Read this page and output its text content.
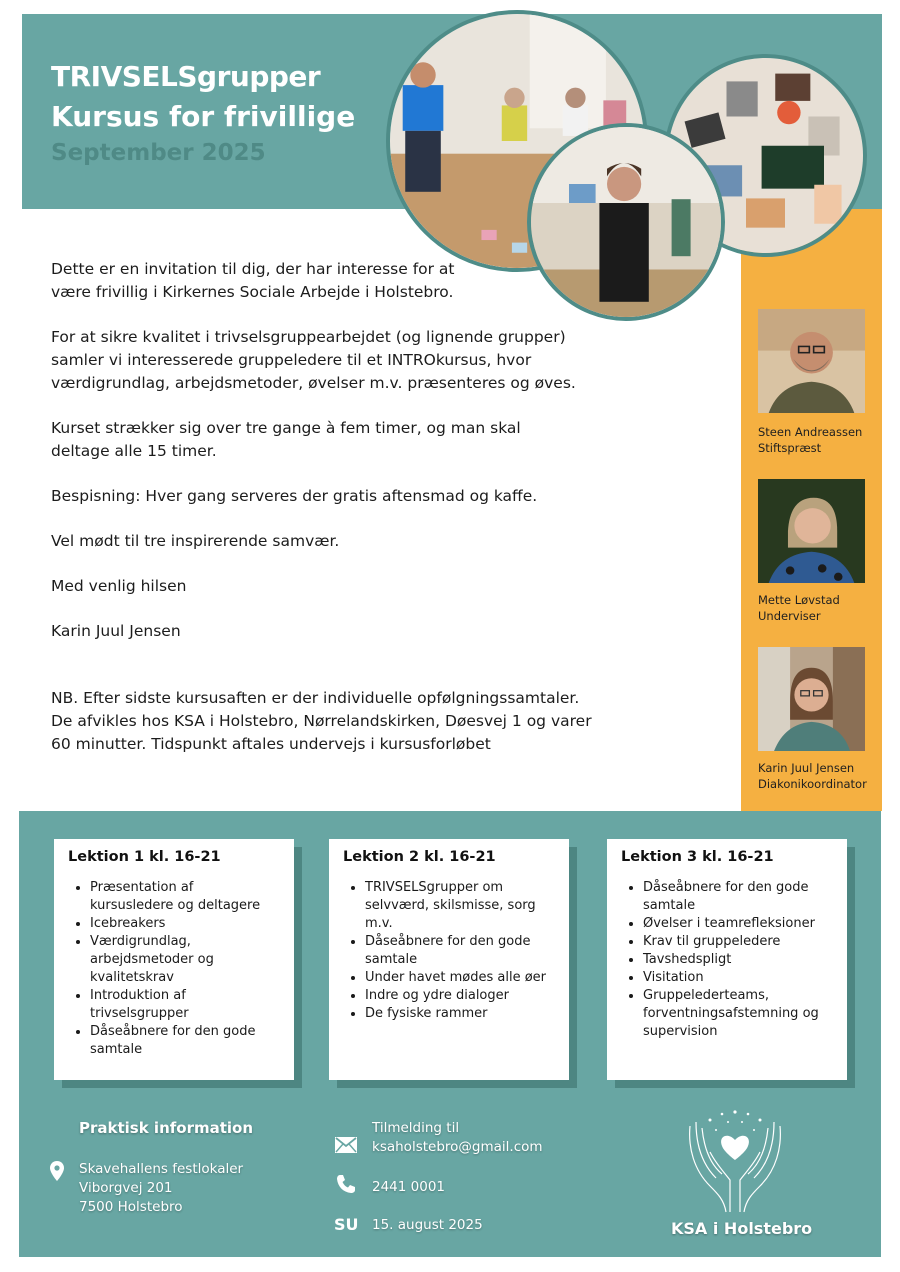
TRIVSELSgrupper
Kursus for frivillige
September 2025
Steen Andreassen
Stiftspræst
Mette Løvstad
Underviser
Karin Juul Jensen
Diakonikoordinator

Dette er en invitation til dig, der har interesse for at være frivillig i Kirkernes Sociale Arbejde i Holstebro.

For at sikre kvalitet i trivselsgruppearbejdet (og lignende grupper) samler vi interesserede gruppeledere til et INTROkursus, hvor værdigrundlag, arbejdsmetoder, øvelser m.v. præsenteres og øves.

Kurset strækker sig over tre gange à fem timer, og man skal deltage alle 15 timer.

Bespisning: Hver gang serveres der gratis aftensmad og kaffe.

Vel mødt til tre inspirerende samvær.

Med venlig hilsen

Karin Juul Jensen

NB. Efter sidste kursusaften er der individuelle opfølgningssamtaler. De afvikles hos KSA i Holstebro, Nørrelandskirken, Døesvej 1 og varer 60 minutter. Tidspunkt aftales undervejs i kursusforløbet

Lektion 1 kl. 16-21
• Præsentation af kursusledere og deltagere
• Icebreakers
• Værdigrundlag, arbejdsmetoder og kvalitetskrav
• Introduktion af trivselsgrupper
• Dåseåbnere for den gode samtale
Lektion 2 kl. 16-21
• TRIVSELSgrupper om selvværd, skilsmisse, sorg m.v.
• Dåseåbnere for den gode samtale
• Under havet mødes alle øer
• Indre og ydre dialoger
• De fysiske rammer
Lektion 3 kl. 16-21
• Dåseåbnere for den gode samtale
• Øvelser i teamrefleksioner
• Krav til gruppeledere
• Tavshedspligt
• Visitation
• Gruppelederteams, forventningsafstemning og supervision
Praktisk information
Skavehallens festlokaler
Viborgvej 201
7500 Holstebro
Tilmelding til
ksaholstebro@gmail.com
2441 0001
SU 15. august 2025	KSA i Holstebro
